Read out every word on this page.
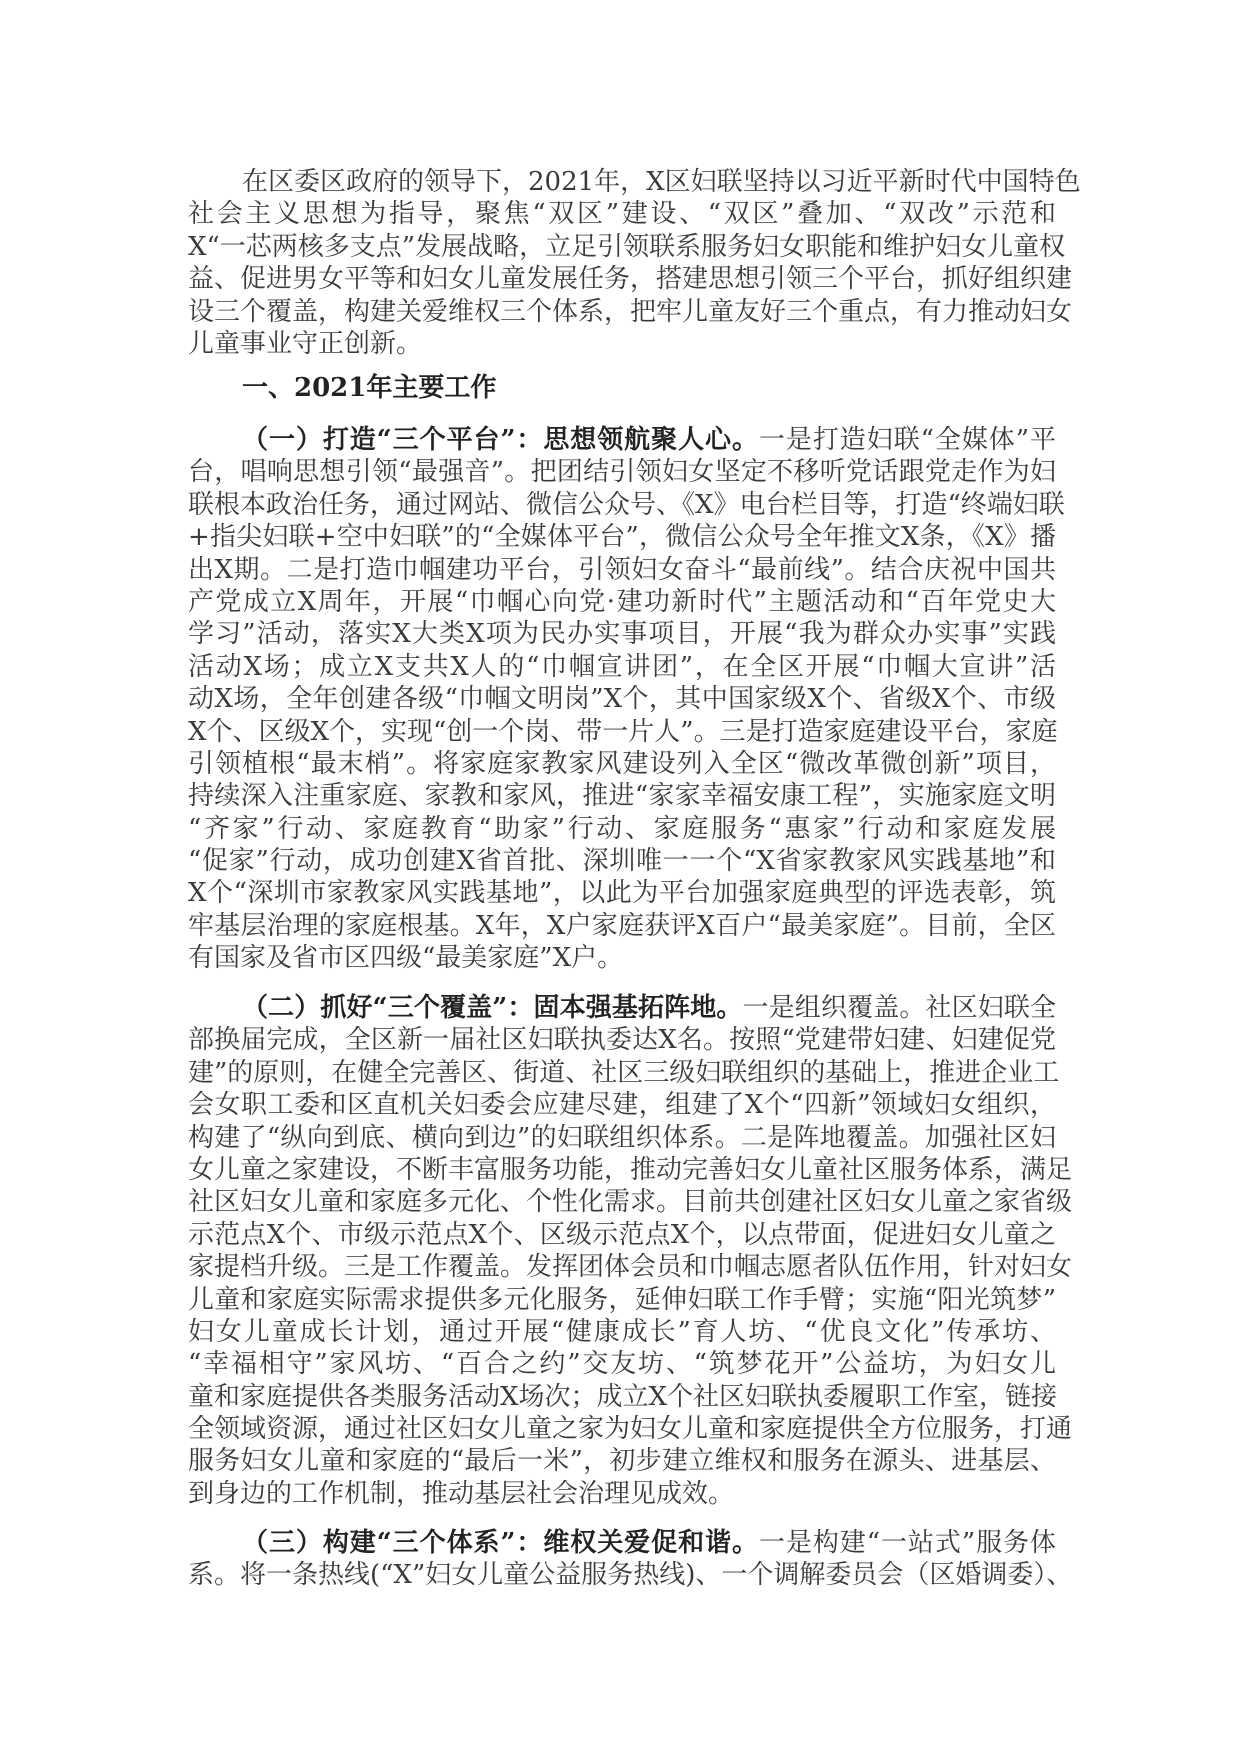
在区委区政府的领导下，2021年，X区妇联坚持以习近平新时代中国特色
社会主义思想为指导，聚焦“双区”建设、“双区”叠加、“双改”示范和
X“一芯两核多支点”发展战略，立足引领联系服务妇女职能和维护妇女儿童权
益、促进男女平等和妇女儿童发展任务，搭建思想引领三个平台，抓好组织建
设三个覆盖，构建关爱维权三个体系，把牢儿童友好三个重点，有力推动妇女
儿童事业守正创新。
一、2021年主要工作
（一）打造“三个平台”：思想领航聚人心。一是打造妇联“全媒体”平
台，唱响思想引领“最强音”。把团结引领妇女坚定不移听党话跟党走作为妇
联根本政治任务，通过网站、微信公众号、《X》电台栏目等，打造“终端妇联
+指尖妇联+空中妇联”的“全媒体平台”，微信公众号全年推文X条，《X》播
出X期。二是打造巾帼建功平台，引领妇女奋斗“最前线”。结合庆祝中国共
产党成立X周年，开展“巾帼心向党·建功新时代”主题活动和“百年党史大
学习”活动，落实X大类X项为民办实事项目，开展“我为群众办实事”实践
活动X场；成立X支共X人的“巾帼宣讲团”，在全区开展“巾帼大宣讲”活
动X场，全年创建各级“巾帼文明岗”X个，其中国家级X个、省级X个、市级
X个、区级X个，实现“创一个岗、带一片人”。三是打造家庭建设平台，家庭
引领植根“最末梢”。将家庭家教家风建设列入全区“微改革微创新”项目，
持续深入注重家庭、家教和家风，推进“家家幸福安康工程”，实施家庭文明
“齐家”行动、家庭教育“助家”行动、家庭服务“惠家”行动和家庭发展
“促家”行动，成功创建X省首批、深圳唯一一个“X省家教家风实践基地”和
X个“深圳市家教家风实践基地”，以此为平台加强家庭典型的评选表彰，筑
牢基层治理的家庭根基。X年，X户家庭获评X百户“最美家庭”。目前，全区
有国家及省市区四级“最美家庭”X户。
（二）抓好“三个覆盖”：固本强基拓阵地。一是组织覆盖。社区妇联全
部换届完成，全区新一届社区妇联执委达X名。按照“党建带妇建、妇建促党
建”的原则，在健全完善区、街道、社区三级妇联组织的基础上，推进企业工
会女职工委和区直机关妇委会应建尽建，组建了X个“四新”领域妇女组织，
构建了“纵向到底、横向到边”的妇联组织体系。二是阵地覆盖。加强社区妇
女儿童之家建设，不断丰富服务功能，推动完善妇女儿童社区服务体系，满足
社区妇女儿童和家庭多元化、个性化需求。目前共创建社区妇女儿童之家省级
示范点X个、市级示范点X个、区级示范点X个，以点带面，促进妇女儿童之
家提档升级。三是工作覆盖。发挥团体会员和巾帼志愿者队伍作用，针对妇女
儿童和家庭实际需求提供多元化服务，延伸妇联工作手臂；实施“阳光筑梦”
妇女儿童成长计划，通过开展“健康成长”育人坊、“优良文化”传承坊、
“幸福相守”家风坊、“百合之约”交友坊、“筑梦花开”公益坊，为妇女儿
童和家庭提供各类服务活动X场次；成立X个社区妇联执委履职工作室，链接
全领域资源，通过社区妇女儿童之家为妇女儿童和家庭提供全方位服务，打通
服务妇女儿童和家庭的“最后一米”，初步建立维权和服务在源头、进基层、
到身边的工作机制，推动基层社会治理见成效。
（三）构建“三个体系”：维权关爱促和谐。一是构建“一站式”服务体
系。将一条热线(“X”妇女儿童公益服务热线)、一个调解委员会（区婚调委）、
